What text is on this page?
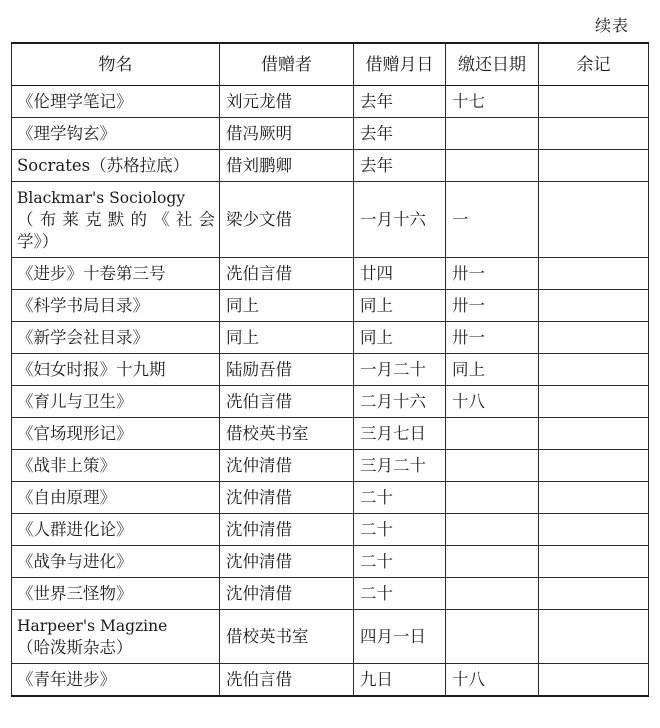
续表
物名	借赠者	借赠月日	缴还日期	余记
《伦理学笔记》	刘元龙借	去年	十七	
《理学钩玄》	借冯厥明	去年		
Socrates（苏格拉底）	借刘鹏卿	去年		

Blackmar's Sociology
（布莱克默的《社会
学》）	梁少文借	一月十六	一	
《进步》十卷第三号	冼伯言借	廿四	卅一	
《科学书局目录》	同上	同上	卅一	
《新学会社目录》	同上	同上	卅一	
《妇女时报》十九期	陆励吾借	一月二十	同上	
《育儿与卫生》	冼伯言借	二月十六	十八	
《官场现形记》	借校英书室	三月七日		
《战非上策》	沈仲清借	三月二十		
《自由原理》	沈仲清借	二十		
《人群进化论》	沈仲清借	二十		
《战争与进化》	沈仲清借	二十		
《世界三怪物》	沈仲清借	二十		

Harpeer's Magzine
（哈泼斯杂志）	借校英书室	四月一日		
《青年进步》	冼伯言借	九日	十八	
